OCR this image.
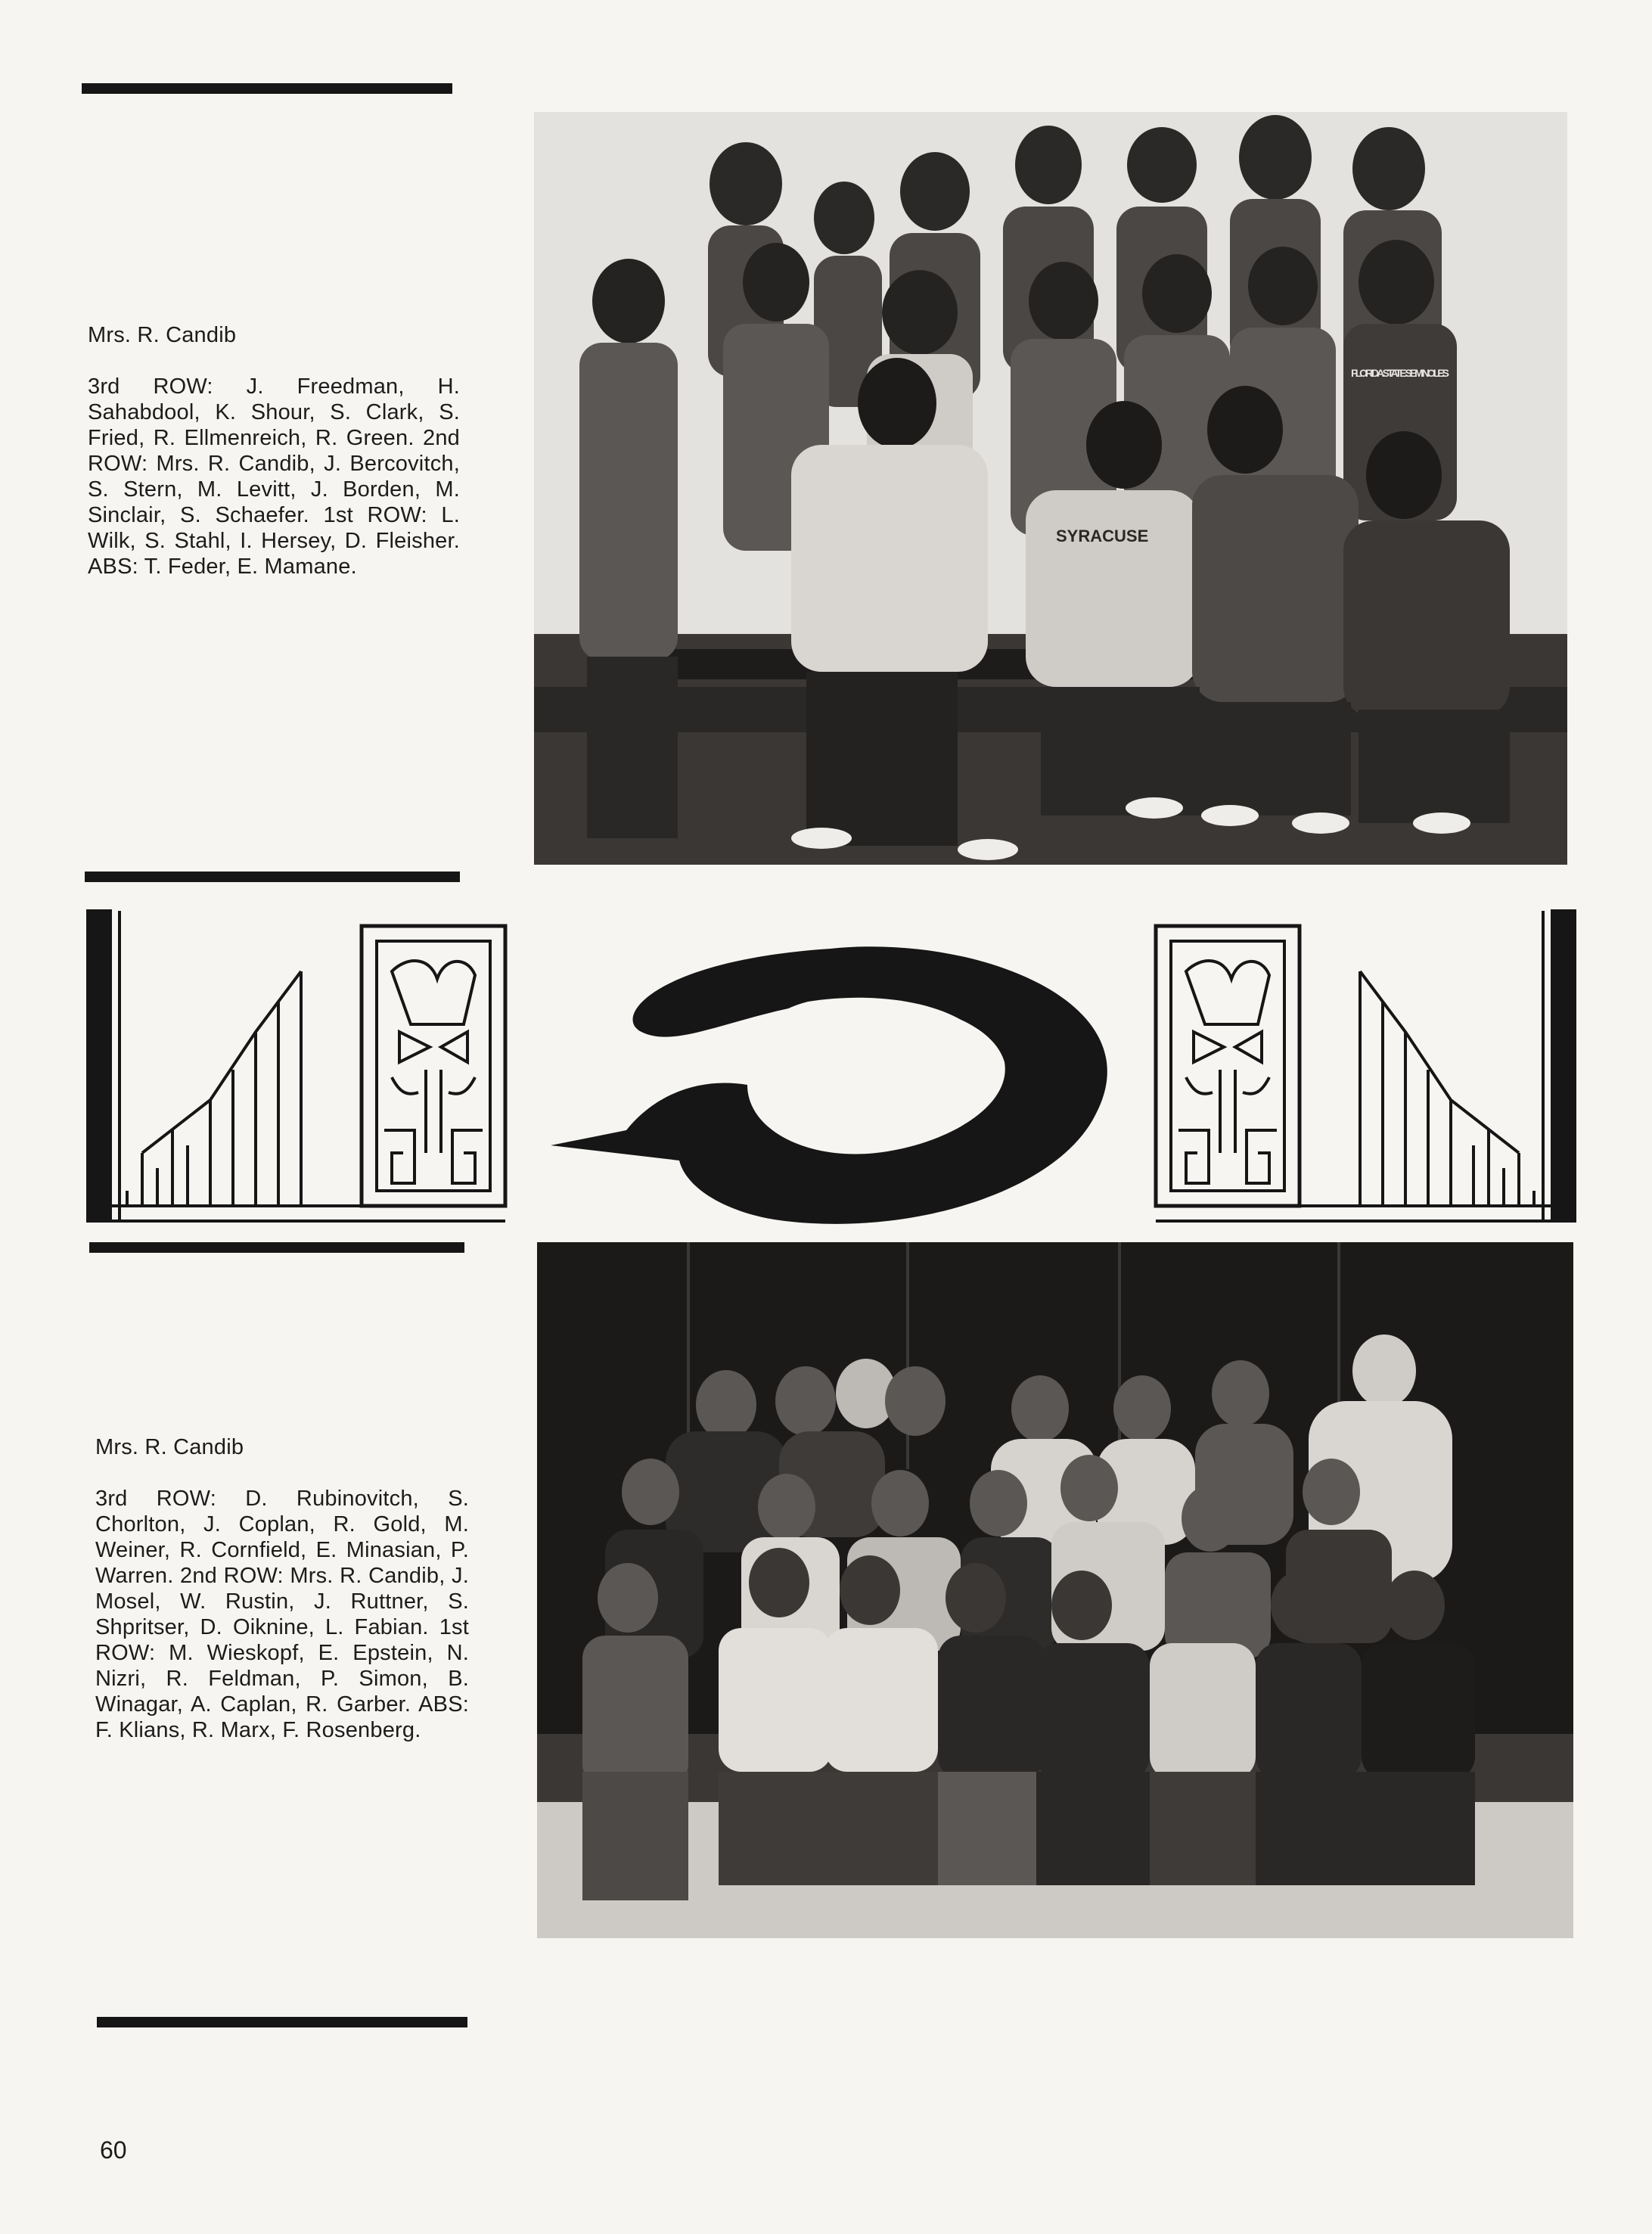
Mrs. R. Candib
3rd ROW: J. Freedman, H. Sahabdool, K. Shour, S. Clark, S. Fried, R. Ellmenreich, R. Green. 2nd ROW: Mrs. R. Candib, J. Bercovitch, S. Stern, M. Levitt, J. Borden, M. Sinclair, S. Schaefer. 1st ROW: L. Wilk, S. Stahl, I. Hersey, D. Fleisher. ABS: T. Feder, E. Mamane.
SYRACUSE
FLORIDA STATE SEMINOLES
Mrs. R. Candib
3rd ROW: D. Rubinovitch, S. Chorlton, J. Coplan, R. Gold, M. Weiner, R. Cornfield, E. Minasian, P. Warren. 2nd ROW: Mrs. R. Candib, J. Mosel, W. Rustin, J. Ruttner, S. Shpritser, D. Oiknine, L. Fabian. 1st ROW: M. Wieskopf, E. Epstein, N. Nizri, R. Feldman, P. Simon, B. Winagar, A. Caplan, R. Garber. ABS: F. Klians, R. Marx, F. Rosenberg.
60
